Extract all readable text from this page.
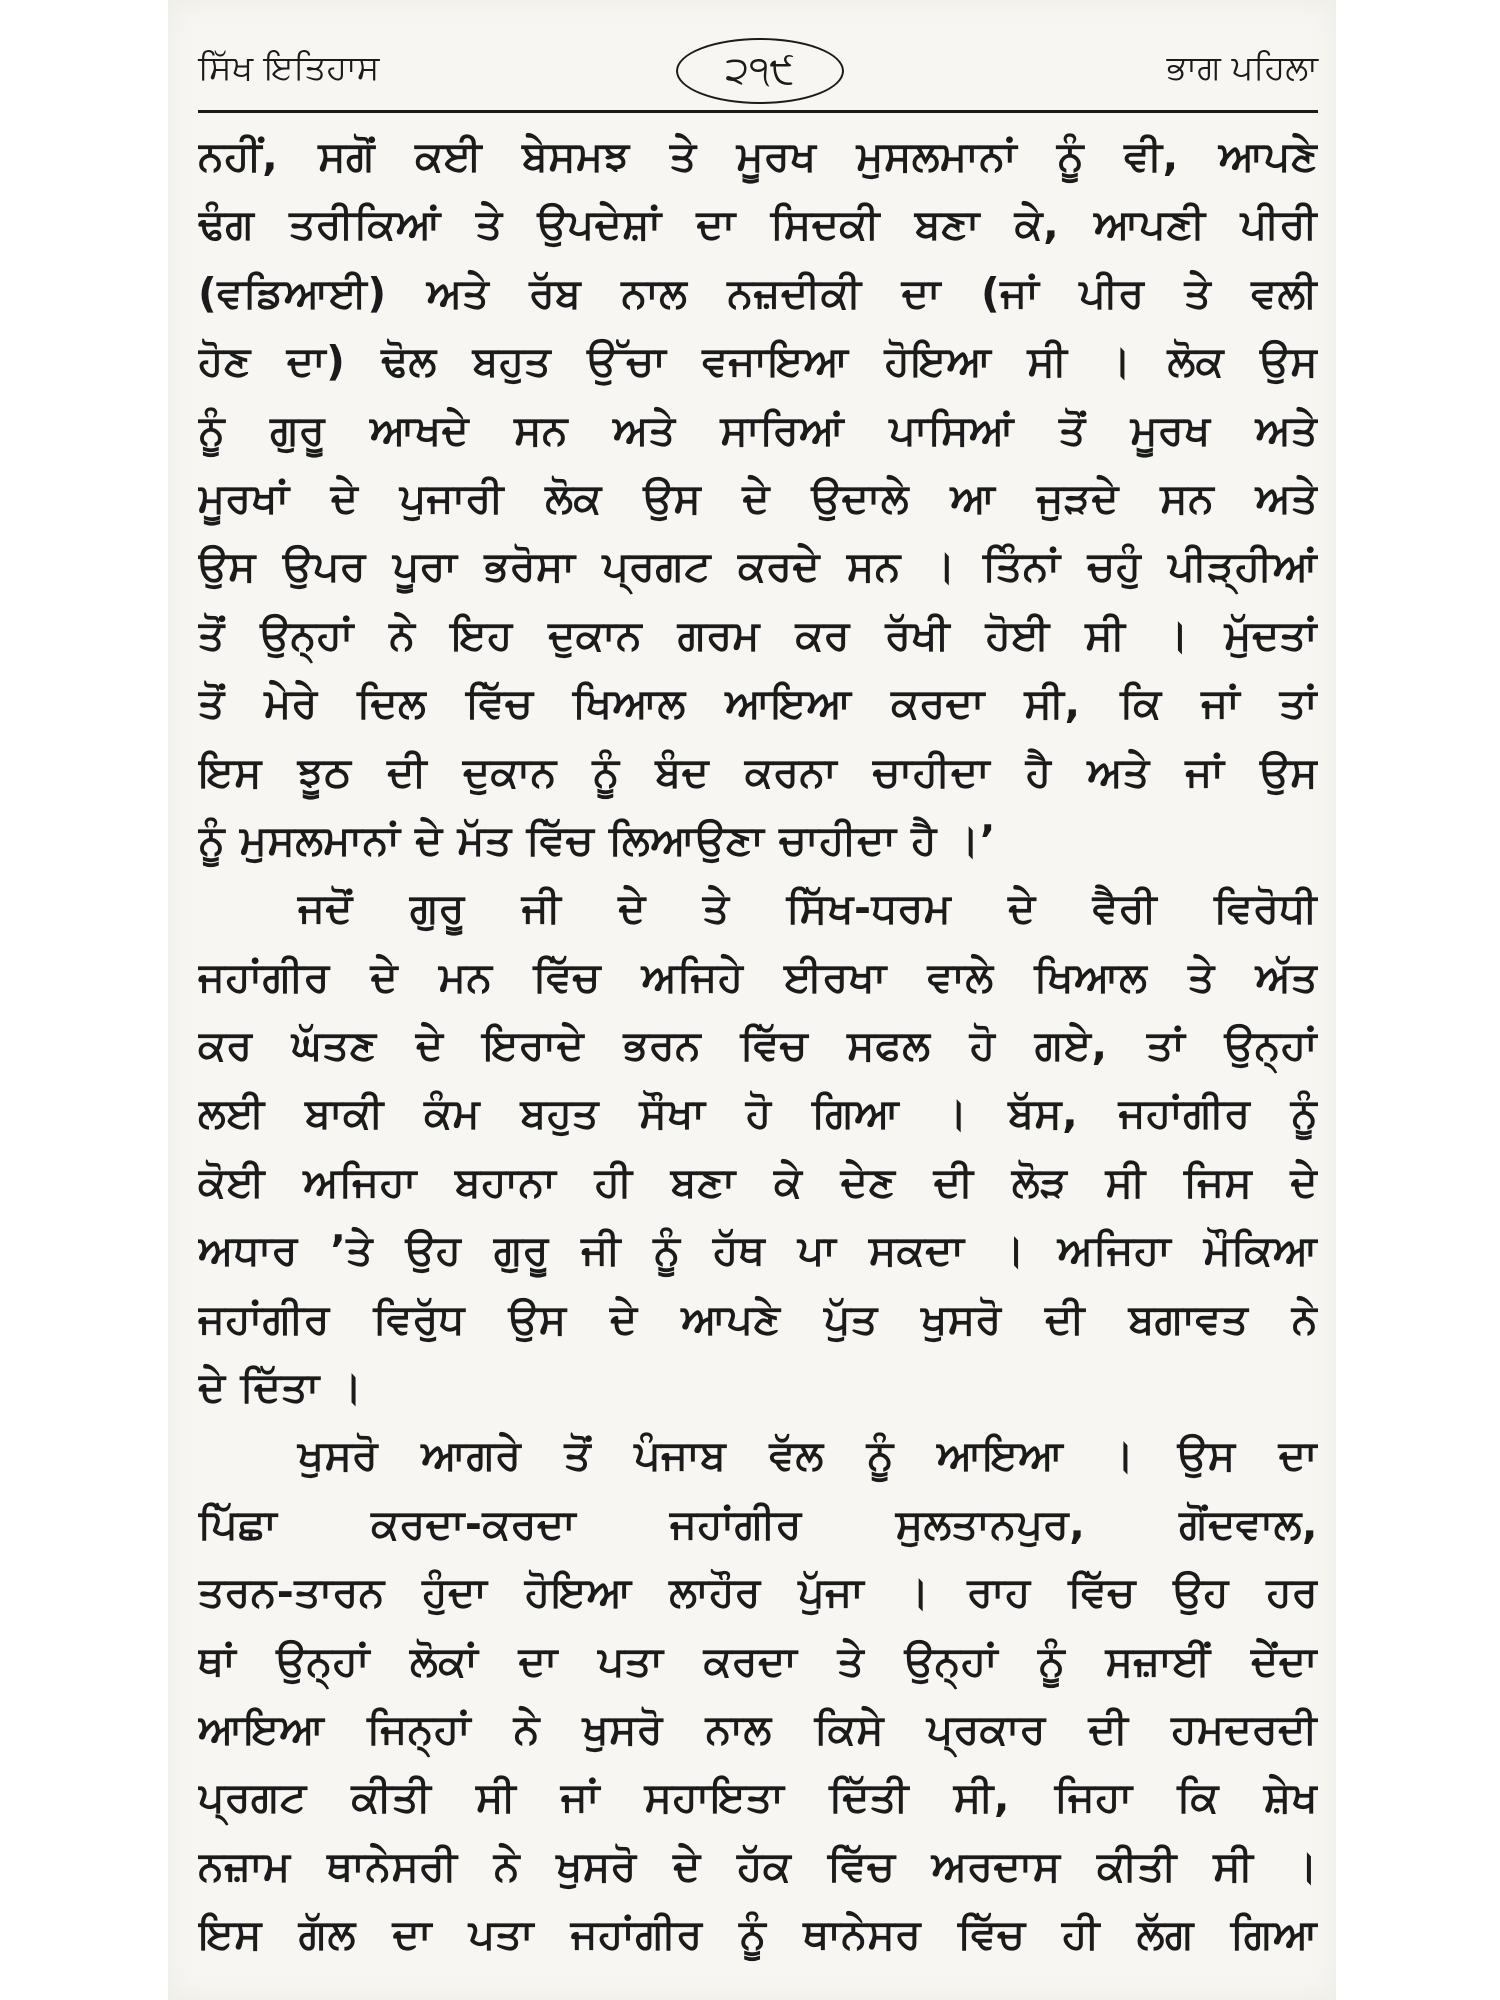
ਸਿੱਖ ਇਤਿਹਾਸ	੨੧੯	ਭਾਗ ਪਹਿਲਾ
ਨਹੀਂ, ਸਗੋਂ ਕਈ ਬੇਸਮਝ ਤੇ ਮੂਰਖ ਮੁਸਲਮਾਨਾਂ ਨੂੰ ਵੀ, ਆਪਣੇ
ਢੰਗ ਤਰੀਕਿਆਂ ਤੇ ਉਪਦੇਸ਼ਾਂ ਦਾ ਸਿਦਕੀ ਬਣਾ ਕੇ, ਆਪਣੀ ਪੀਰੀ
(ਵਡਿਆਈ) ਅਤੇ ਰੱਬ ਨਾਲ ਨਜ਼ਦੀਕੀ ਦਾ (ਜਾਂ ਪੀਰ ਤੇ ਵਲੀ
ਹੋਣ ਦਾ) ਢੋਲ ਬਹੁਤ ਉੱਚਾ ਵਜਾਇਆ ਹੋਇਆ ਸੀ । ਲੋਕ ਉਸ
ਨੂੰ ਗੁਰੂ ਆਖਦੇ ਸਨ ਅਤੇ ਸਾਰਿਆਂ ਪਾਸਿਆਂ ਤੋਂ ਮੂਰਖ ਅਤੇ
ਮੂਰਖਾਂ ਦੇ ਪੁਜਾਰੀ ਲੋਕ ਉਸ ਦੇ ਉਦਾਲੇ ਆ ਜੁੜਦੇ ਸਨ ਅਤੇ
ਉਸ ਉਪਰ ਪੂਰਾ ਭਰੋਸਾ ਪ੍ਰਗਟ ਕਰਦੇ ਸਨ । ਤਿੰਨਾਂ ਚਹੁੰ ਪੀੜ੍ਹੀਆਂ
ਤੋਂ ਉਨ੍ਹਾਂ ਨੇ ਇਹ ਦੁਕਾਨ ਗਰਮ ਕਰ ਰੱਖੀ ਹੋਈ ਸੀ । ਮੁੱਦਤਾਂ
ਤੋਂ ਮੇਰੇ ਦਿਲ ਵਿੱਚ ਖਿਆਲ ਆਇਆ ਕਰਦਾ ਸੀ, ਕਿ ਜਾਂ ਤਾਂ
ਇਸ ਝੂਠ ਦੀ ਦੁਕਾਨ ਨੂੰ ਬੰਦ ਕਰਨਾ ਚਾਹੀਦਾ ਹੈ ਅਤੇ ਜਾਂ ਉਸ
ਨੂੰ ਮੁਸਲਮਾਨਾਂ ਦੇ ਮੱਤ ਵਿੱਚ ਲਿਆਉਣਾ ਚਾਹੀਦਾ ਹੈ ।’
ਜਦੋਂ ਗੁਰੂ ਜੀ ਦੇ ਤੇ ਸਿੱਖ-ਧਰਮ ਦੇ ਵੈਰੀ ਵਿਰੋਧੀ
ਜਹਾਂਗੀਰ ਦੇ ਮਨ ਵਿੱਚ ਅਜਿਹੇ ਈਰਖਾ ਵਾਲੇ ਖਿਆਲ ਤੇ ਅੱਤ
ਕਰ ਘੱਤਣ ਦੇ ਇਰਾਦੇ ਭਰਨ ਵਿੱਚ ਸਫਲ ਹੋ ਗਏ, ਤਾਂ ਉਨ੍ਹਾਂ
ਲਈ ਬਾਕੀ ਕੰਮ ਬਹੁਤ ਸੌਖਾ ਹੋ ਗਿਆ । ਬੱਸ, ਜਹਾਂਗੀਰ ਨੂੰ
ਕੋਈ ਅਜਿਹਾ ਬਹਾਨਾ ਹੀ ਬਣਾ ਕੇ ਦੇਣ ਦੀ ਲੋੜ ਸੀ ਜਿਸ ਦੇ
ਅਧਾਰ ’ਤੇ ਉਹ ਗੁਰੂ ਜੀ ਨੂੰ ਹੱਥ ਪਾ ਸਕਦਾ । ਅਜਿਹਾ ਮੌਕਿਆ
ਜਹਾਂਗੀਰ ਵਿਰੁੱਧ ਉਸ ਦੇ ਆਪਣੇ ਪੁੱਤ ਖੁਸਰੋ ਦੀ ਬਗਾਵਤ ਨੇ
ਦੇ ਦਿੱਤਾ ।
ਖੁਸਰੋ ਆਗਰੇ ਤੋਂ ਪੰਜਾਬ ਵੱਲ ਨੂੰ ਆਇਆ । ਉਸ ਦਾ
ਪਿੱਛਾ ਕਰਦਾ-ਕਰਦਾ ਜਹਾਂਗੀਰ ਸੁਲਤਾਨਪੁਰ, ਗੋਂਦਵਾਲ,
ਤਰਨ-ਤਾਰਨ ਹੁੰਦਾ ਹੋਇਆ ਲਾਹੌਰ ਪੁੱਜਾ । ਰਾਹ ਵਿੱਚ ਉਹ ਹਰ
ਥਾਂ ਉਨ੍ਹਾਂ ਲੋਕਾਂ ਦਾ ਪਤਾ ਕਰਦਾ ਤੇ ਉਨ੍ਹਾਂ ਨੂੰ ਸਜ਼ਾਈਂ ਦੇਂਦਾ
ਆਇਆ ਜਿਨ੍ਹਾਂ ਨੇ ਖੁਸਰੋ ਨਾਲ ਕਿਸੇ ਪ੍ਰਕਾਰ ਦੀ ਹਮਦਰਦੀ
ਪ੍ਰਗਟ ਕੀਤੀ ਸੀ ਜਾਂ ਸਹਾਇਤਾ ਦਿੱਤੀ ਸੀ, ਜਿਹਾ ਕਿ ਸ਼ੇਖ
ਨਜ਼ਾਮ ਥਾਨੇਸਰੀ ਨੇ ਖੁਸਰੋ ਦੇ ਹੱਕ ਵਿੱਚ ਅਰਦਾਸ ਕੀਤੀ ਸੀ ।
ਇਸ ਗੱਲ ਦਾ ਪਤਾ ਜਹਾਂਗੀਰ ਨੂੰ ਥਾਨੇਸਰ ਵਿੱਚ ਹੀ ਲੱਗ ਗਿਆ
